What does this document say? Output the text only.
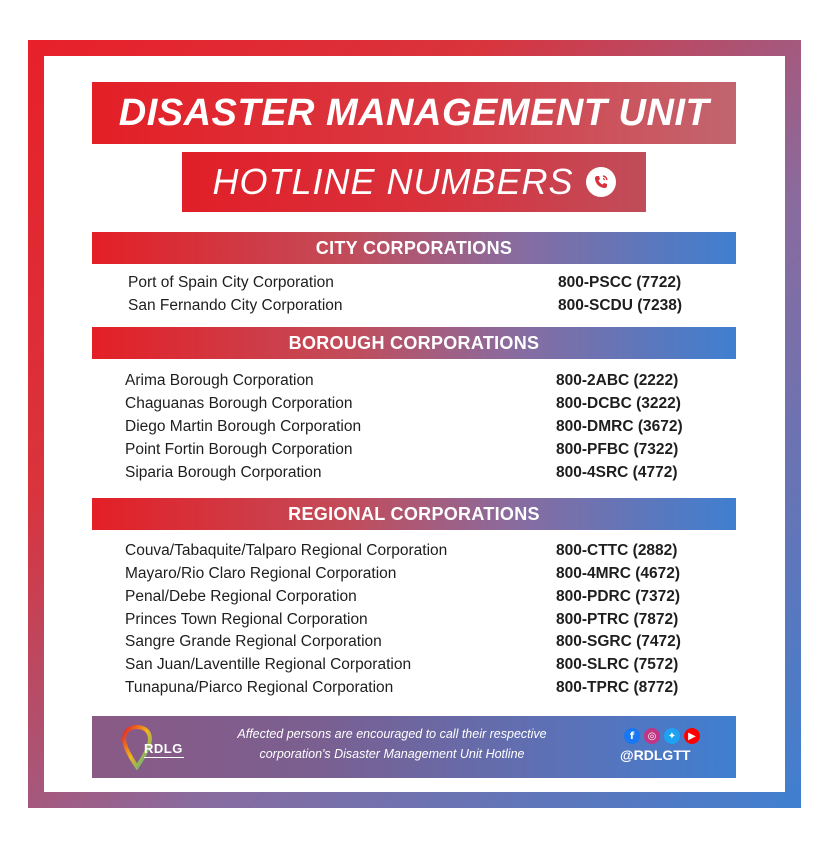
DISASTER MANAGEMENT UNIT
HOTLINE NUMBERS
CITY CORPORATIONS
Port of Spain City Corporation	800-PSCC (7722)
San Fernando City Corporation	800-SCDU (7238)
BOROUGH CORPORATIONS
Arima Borough Corporation	800-2ABC (2222)
Chaguanas Borough Corporation	800-DCBC (3222)
Diego Martin Borough Corporation	800-DMRC (3672)
Point Fortin Borough Corporation	800-PFBC (7322)
Siparia Borough Corporation	800-4SRC (4772)
REGIONAL CORPORATIONS
Couva/Tabaquite/Talparo Regional Corporation	800-CTTC (2882)
Mayaro/Rio Claro Regional Corporation	800-4MRC (4672)
Penal/Debe Regional Corporation	800-PDRC (7372)
Princes Town Regional Corporation	800-PTRC (7872)
Sangre Grande Regional Corporation	800-SGRC (7472)
San Juan/Laventille Regional Corporation	800-SLRC (7572)
Tunapuna/Piarco Regional Corporation	800-TPRC (8772)
RDLG
Affected persons are encouraged to call their respective
corporation's Disaster Management Unit Hotline
f	◎	✦	▶
@RDLGTT
